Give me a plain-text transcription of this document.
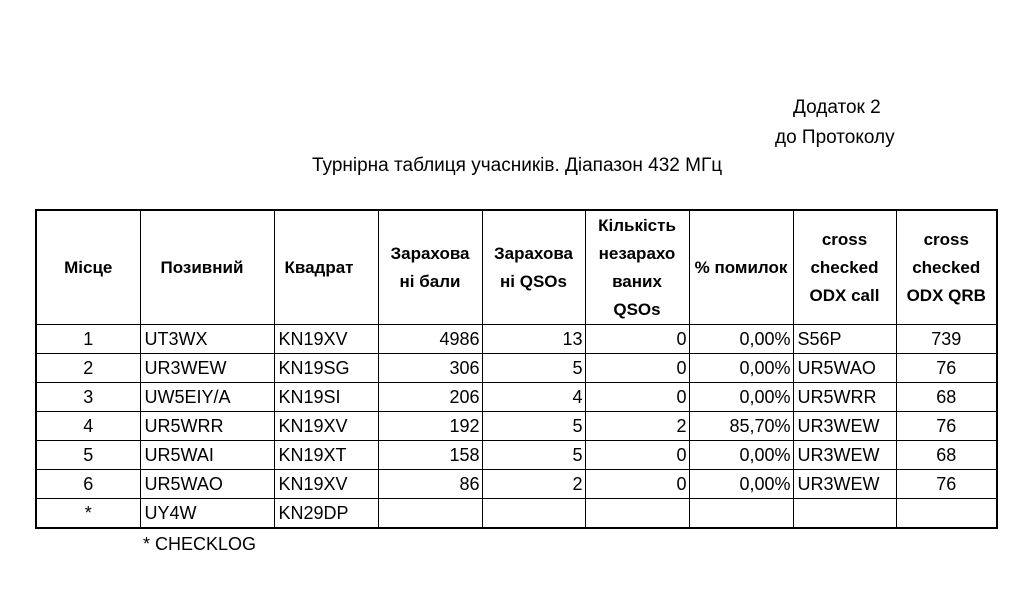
Додаток 2
до Протоколу
Турнірна таблиця учасників. Діапазон 432 МГц
Місце	Позивний	Квадрат	Зарахова ні бали	Зарахова ні QSOs	Кількість незарахо ваних QSOs	% помилок	cross checked ODX call	cross checked ODX QRB
1	UT3WX	KN19XV	4986	13	0	0,00%	S56P	739
2	UR3WEW	KN19SG	306	5	0	0,00%	UR5WAO	76
3	UW5EIY/A	KN19SI	206	4	0	0,00%	UR5WRR	68
4	UR5WRR	KN19XV	192	5	2	85,70%	UR3WEW	76
5	UR5WAI	KN19XT	158	5	0	0,00%	UR3WEW	68
6	UR5WAO	KN19XV	86	2	0	0,00%	UR3WEW	76
*	UY4W	KN29DP						
* CHECKLOG
